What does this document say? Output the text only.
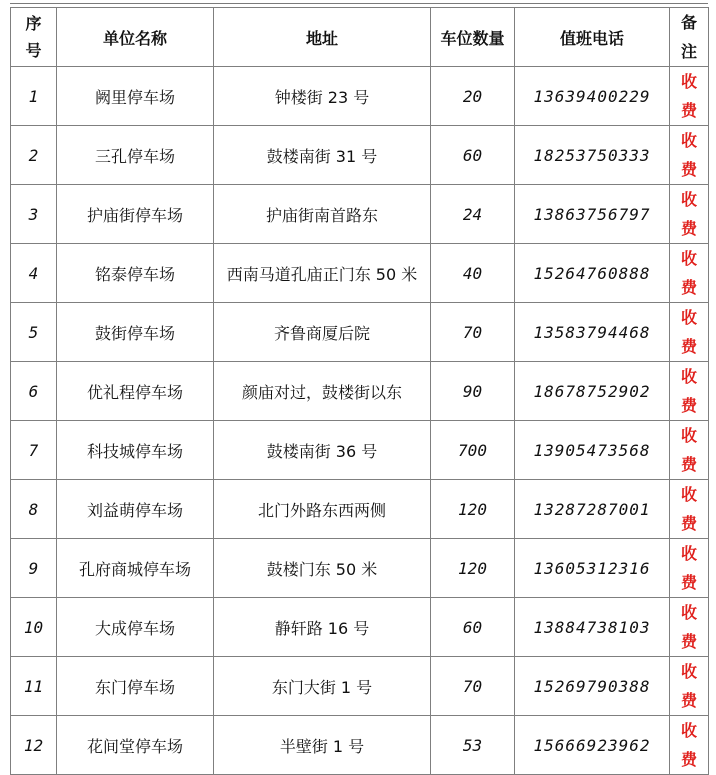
序
号	单位名称	地址	车位数量	值班电话	备
注

1	阙里停车场	钟楼街 23 号	20	13639400229	收
费

2	三孔停车场	鼓楼南街 31 号	60	18253750333	收
费

3	护庙街停车场	护庙街南首路东	24	13863756797	收
费

4	铭泰停车场	西南马道孔庙正门东 50 米	40	15264760888	收
费

5	鼓街停车场	齐鲁商厦后院	70	13583794468	收
费

6	优礼程停车场	颜庙对过，鼓楼街以东	90	18678752902	收
费

7	科技城停车场	鼓楼南街 36 号	700	13905473568	收
费

8	刘益萌停车场	北门外路东西两侧	120	13287287001	收
费

9	孔府商城停车场	鼓楼门东 50 米	120	13605312316	收
费

10	大成停车场	静轩路 16 号	60	13884738103	收
费

11	东门停车场	东门大街 1 号	70	15269790388	收
费

12	花间堂停车场	半壁街 1 号	53	15666923962	收
费
